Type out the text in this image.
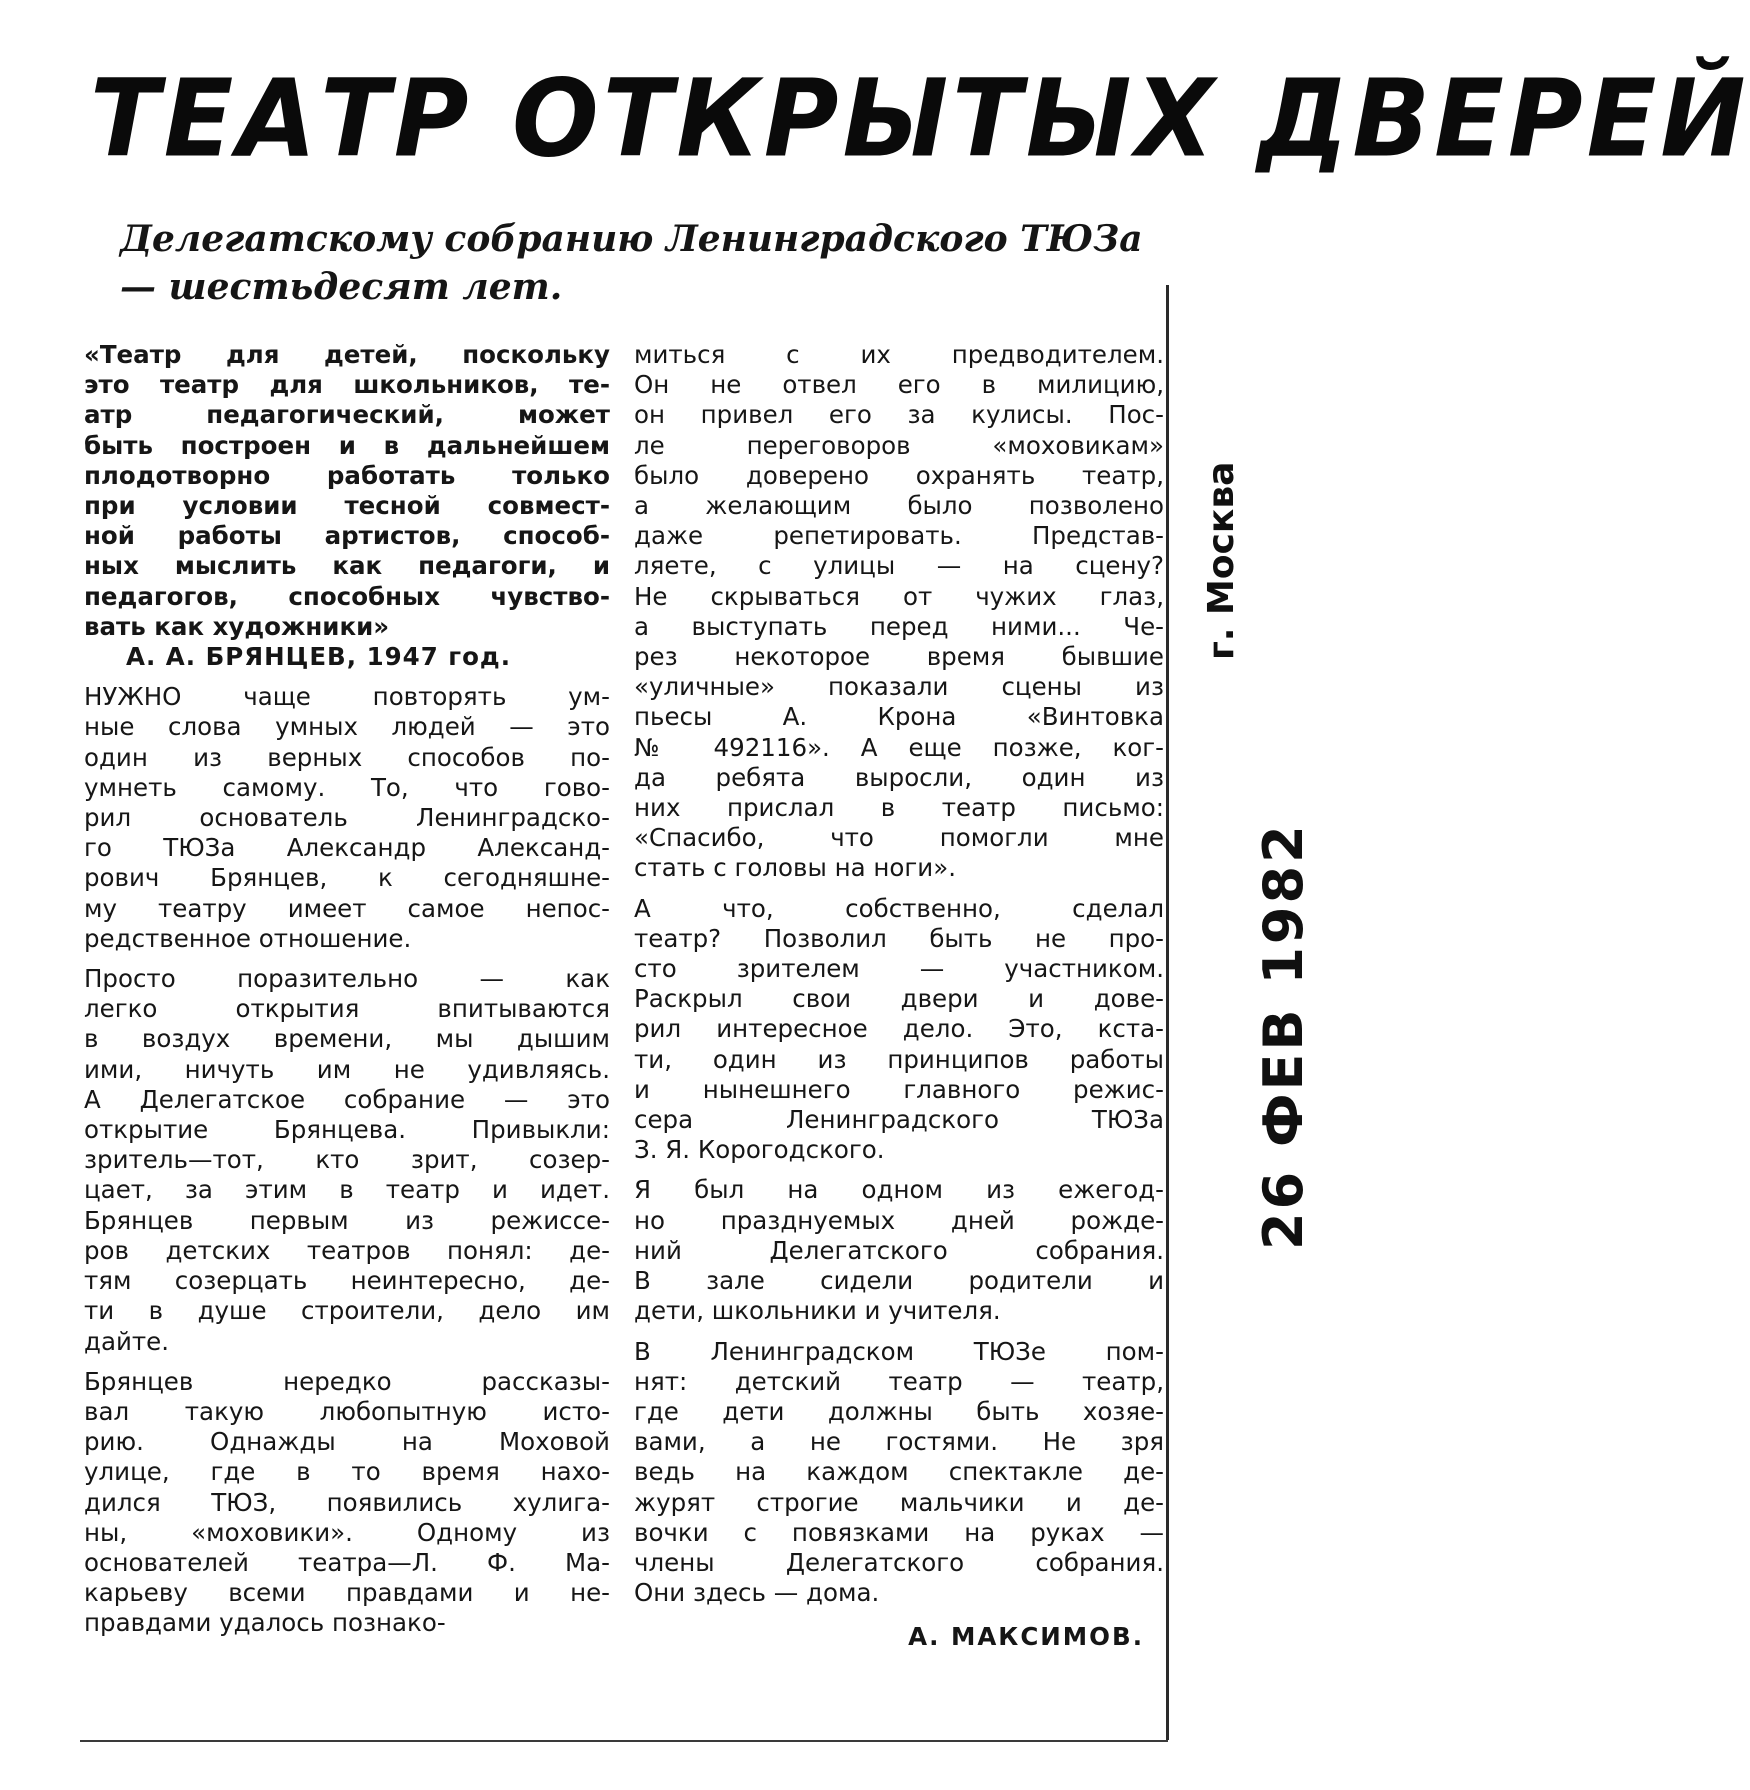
ТЕАТР ОТКРЫТЫХ ДВЕРЕЙ
Делегатскому собранию Ленинградского ТЮЗа — шестьдесят лет.

«Театр для детей, поскольку

это театр для школьников, те-

атр педагогический, может

быть построен и в дальнейшем

плодотворно работать только

при условии тесной совмест-

ной работы артистов, способ-

ных мыслить как педагоги, и

педагогов, способных чувство-

вать как художники»

А. А. БРЯНЦЕВ, 1947 год.

НУЖНО чаще повторять ум-

ные слова умных людей — это

один из верных способов по-

умнеть самому. То, что гово-

рил основатель Ленинградско-

го ТЮЗа Александр Александ-

рович Брянцев, к сегодняшне-

му театру имеет самое непос-

редственное отношение.

Просто поразительно — как

легко открытия впитываются

в воздух времени, мы дышим

ими, ничуть им не удивляясь.

А Делегатское собрание — это

открытие Брянцева. Привыкли:

зритель—тот, кто зрит, созер-

цает, за этим в театр и идет.

Брянцев первым из режиссе-

ров детских театров понял: де-

тям созерцать неинтересно, де-

ти в душе строители, дело им

дайте.

Брянцев нередко рассказы-

вал такую любопытную исто-

рию. Однажды на Моховой

улице, где в то время нахо-

дился ТЮЗ, появились хулига-

ны, «моховики». Одному из

основателей театра—Л. Ф. Ма-

карьеву всеми правдами и не-

правдами удалось познако-

миться с их предводителем.

Он не отвел его в милицию,

он привел его за кулисы. Пос-

ле переговоров «моховикам»

было доверено охранять театр,

а желающим было позволено

даже репетировать. Представ-

ляете, с улицы — на сцену?

Не скрываться от чужих глаз,

а выступать перед ними... Че-

рез некоторое время бывшие

«уличные» показали сцены из

пьесы А. Крона «Винтовка

№ 492116». А еще позже, ког-

да ребята выросли, один из

них прислал в театр письмо:

«Спасибо, что помогли мне

стать с головы на ноги».

А что, собственно, сделал

театр? Позволил быть не про-

сто зрителем — участником.

Раскрыл свои двери и дове-

рил интересное дело. Это, кста-

ти, один из принципов работы

и нынешнего главного режис-

сера Ленинградского ТЮЗа

З. Я. Корогодского.

Я был на одном из ежегод-

но празднуемых дней рожде-

ний Делегатского собрания.

В зале сидели родители и

дети, школьники и учителя.

В Ленинградском ТЮЗе пом-

нят: детский театр — театр,

где дети должны быть хозяе-

вами, а не гостями. Не зря

ведь на каждом спектакле де-

журят строгие мальчики и де-

вочки с повязками на руках —

члены Делегатского собрания.

Они здесь — дома.

А. МАКСИМОВ.
г. Москва
26 ФЕВ 1982
